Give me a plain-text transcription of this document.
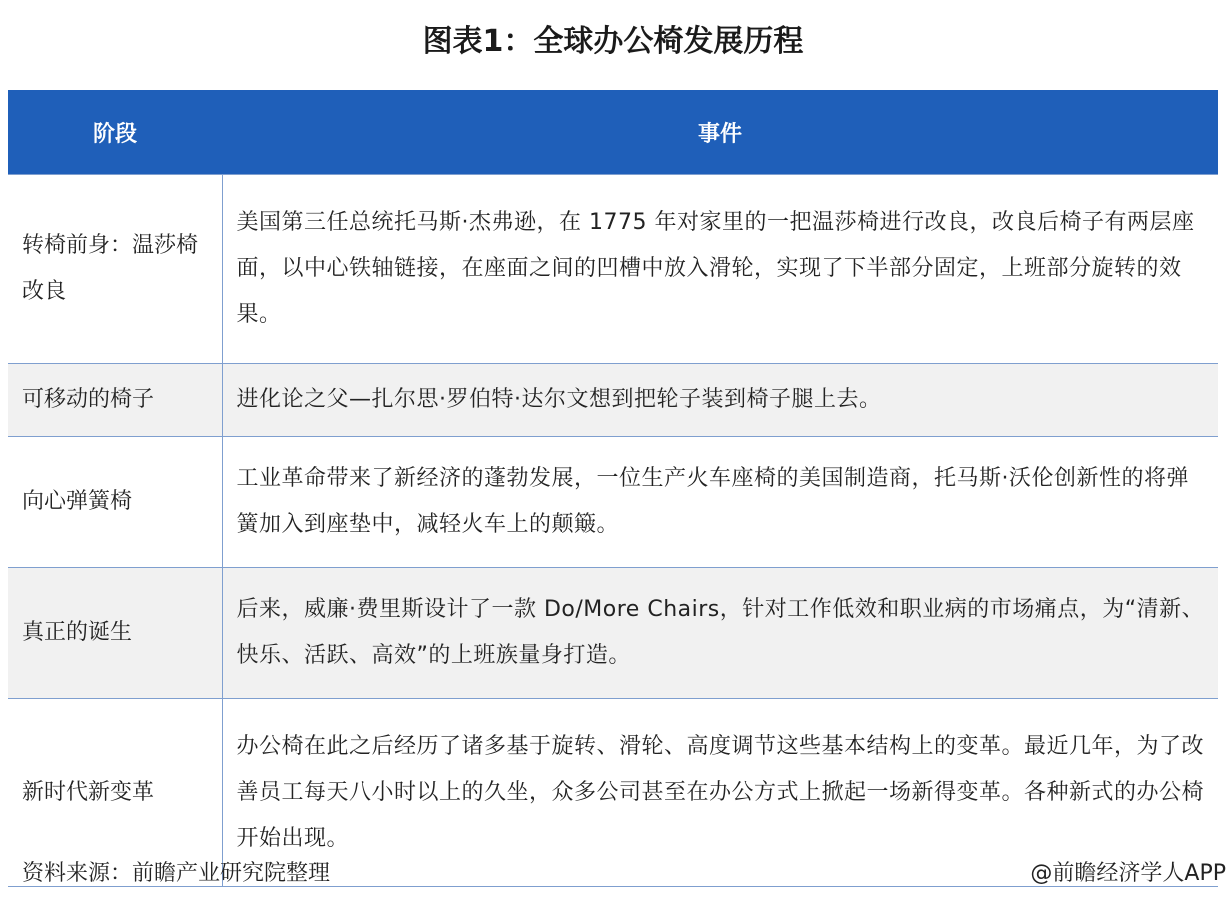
图表1：全球办公椅发展历程
阶段	事件
转椅前身：温莎椅改良	美国第三任总统托马斯·杰弗逊，在 1775 年对家里的一把温莎椅进行改良，改良后椅子有两层座面，以中心铁轴链接，在座面之间的凹槽中放入滑轮，实现了下半部分固定，上班部分旋转的效果。
可移动的椅子	进化论之父—扎尔思·罗伯特·达尔文想到把轮子装到椅子腿上去。
向心弹簧椅	工业革命带来了新经济的蓬勃发展，一位生产火车座椅的美国制造商，托马斯·沃伦创新性的将弹簧加入到座垫中，减轻火车上的颠簸。
真正的诞生	后来，威廉·费里斯设计了一款 Do/More Chairs，针对工作低效和职业病的市场痛点，为“清新、快乐、活跃、高效”的上班族量身打造。
新时代新变革	办公椅在此之后经历了诸多基于旋转、滑轮、高度调节这些基本结构上的变革。最近几年，为了改善员工每天八小时以上的久坐，众多公司甚至在办公方式上掀起一场新得变革。各种新式的办公椅开始出现。
资料来源：前瞻产业研究院整理	@前瞻经济学人APP
